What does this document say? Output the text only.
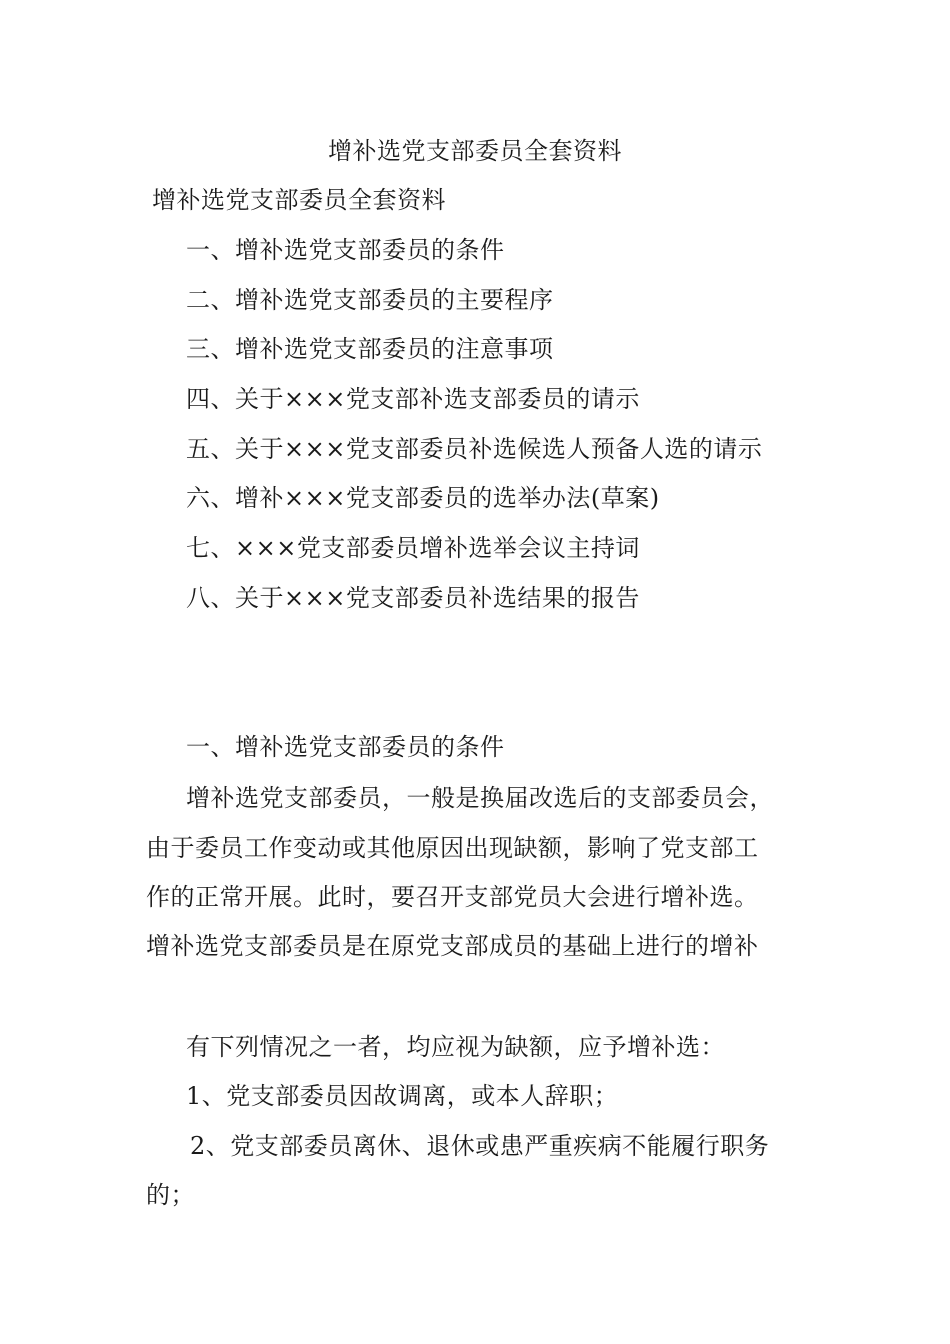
增补选党支部委员全套资料
增补选党支部委员全套资料
一、增补选党支部委员的条件
二、增补选党支部委员的主要程序
三、增补选党支部委员的注意事项
四、关于×××党支部补选支部委员的请示
五、关于×××党支部委员补选候选人预备人选的请示
六、增补×××党支部委员的选举办法(草案)
七、×××党支部委员增补选举会议主持词
八、关于×××党支部委员补选结果的报告
一、增补选党支部委员的条件
增补选党支部委员，一般是换届改选后的支部委员会，
由于委员工作变动或其他原因出现缺额，影响了党支部工
作的正常开展。此时，要召开支部党员大会进行增补选。
增补选党支部委员是在原党支部成员的基础上进行的增补
有下列情况之一者，均应视为缺额，应予增补选：
1、党支部委员因故调离，或本人辞职；
2、党支部委员离休、退休或患严重疾病不能履行职务
的；
